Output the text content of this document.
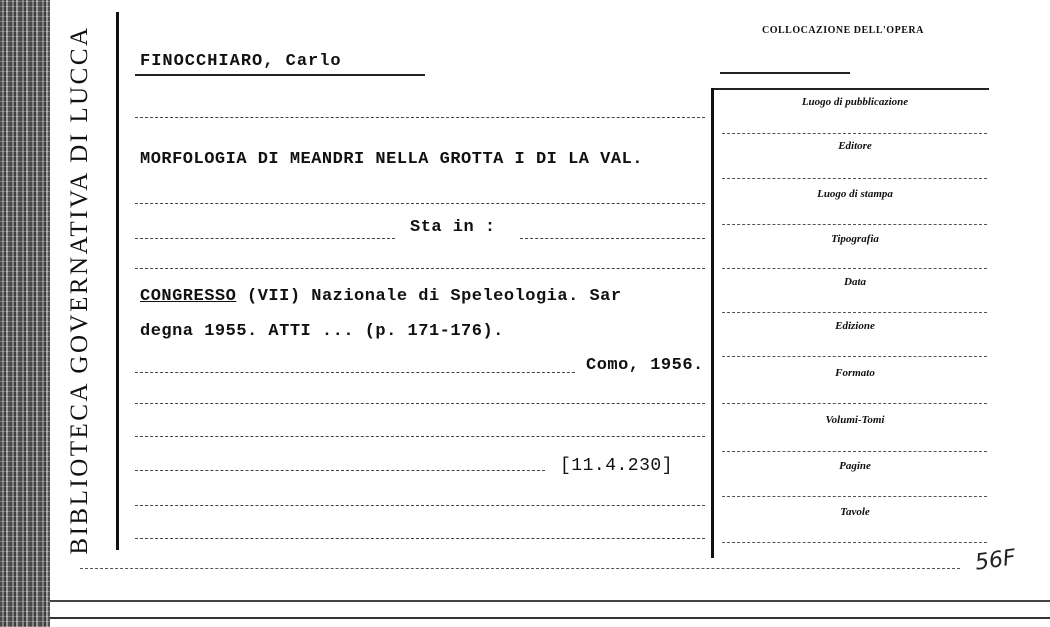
BIBLIOTECA GOVERNATIVA DI LUCCA	COLLOCAZIONE DELL'OPERA
FINOCCHIARO, Carlo
MORFOLOGIA DI MEANDRI NELLA GROTTA I DI LA VAL.
Sta in :
CONGRESSO (VII) Nazionale di Speleologia. Sar
degna 1955. ATTI ... (p. 171-176).
Como, 1956.
[11.4.230]
Luogo di pubblicazione
Editore
Luogo di stampa
Tipografia
Data
Edizione
Formato
Volumi-Tomi
Pagine
Tavole
56F
